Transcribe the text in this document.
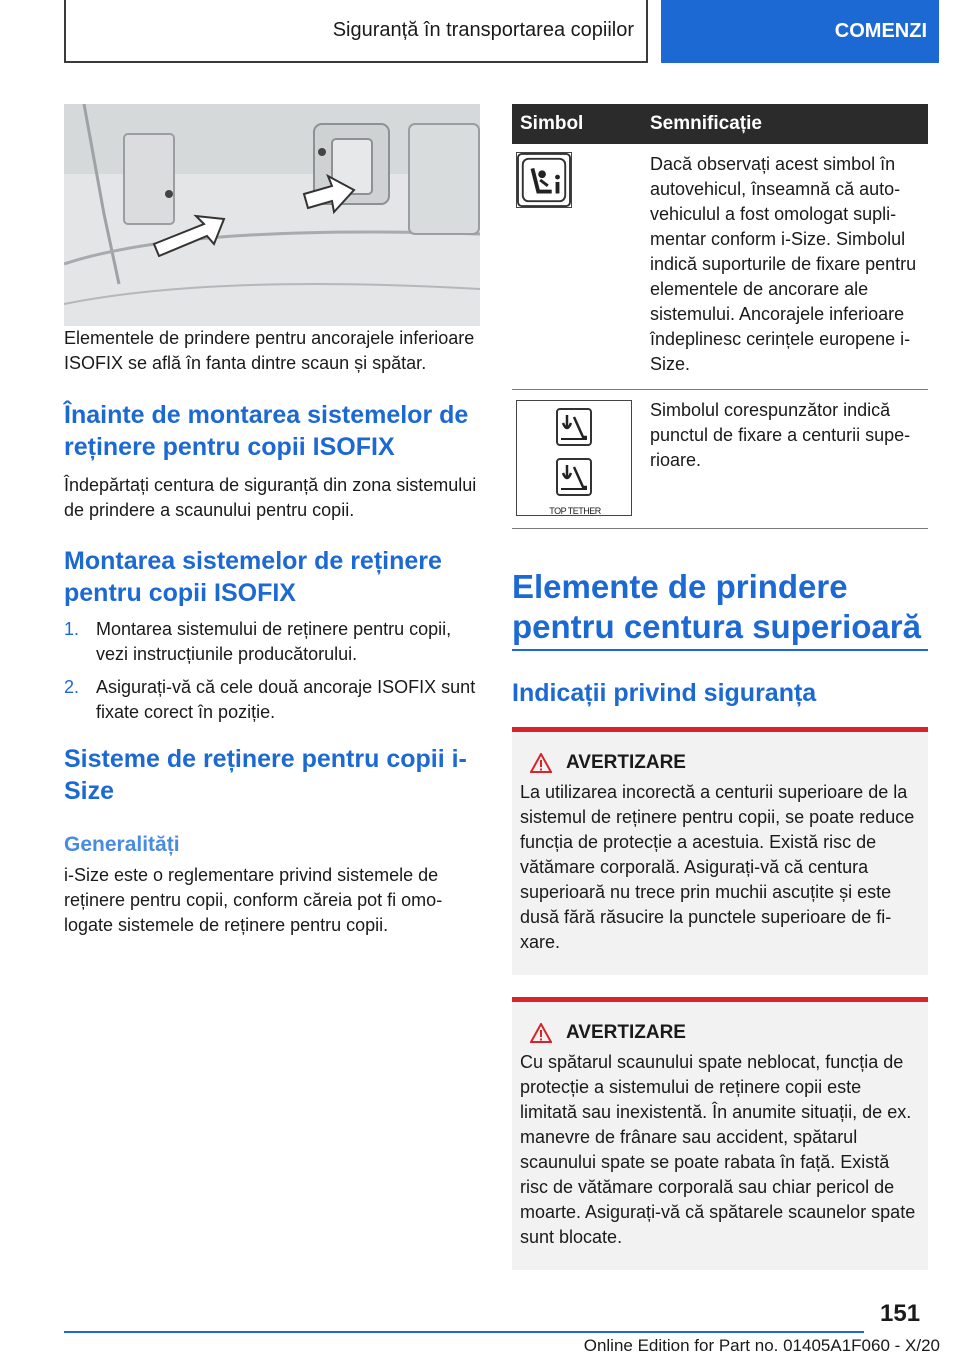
Siguranță în transportarea copiilor	COMENZI

Elementele de prindere pentru ancorajele inferioare ISOFIX se află în fanta dintre scaun și spătar.

Înainte de montarea sistemelor de reținere pentru copii ISOFIX

Îndepărtați centura de siguranță din zona sistemului de prindere a scaunului pentru copii.

Montarea sistemelor de reținere pentru copii ISOFIX
1. Montarea sistemului de reținere pentru copii, vezi instrucțiunile producătorului.
2. Asigurați-vă că cele două ancoraje ISOFIX sunt fixate corect în poziție.
Sisteme de reținere pentru copii i-Size
Generalități

i-Size este o reglementare privind sistemele de reținere pentru copii, conform căreia pot fi omologate sistemele de reținere pentru copii.

Simbol	Semnificație
	Dacă observați acest simbol în autovehicul, înseamnă că autovehiculul a fost omologat suplimentar conform i-Size. Simbolul indică suporturile de fixare pentru elementele de ancorare ale sistemului. Ancorajele inferioare îndeplinesc cerințele europene i-Size.

TOP TETHER	Simbolul corespunzător indică punctul de fixare a centurii superioare.
Elemente de prindere pentru centura superioară
Indicații privind siguranța
AVERTIZARE

La utilizarea incorectă a centurii superioare de la sistemul de reținere pentru copii, se poate reduce funcția de protecție a acestuia. Există risc de vătămare corporală. Asigurați-vă că centura superioară nu trece prin muchii ascuțite și este dusă fără răsucire la punctele superioare de fixare.

AVERTIZARE

Cu spătarul scaunului spate neblocat, funcția de protecție a sistemului de reținere copii este limitată sau inexistentă. În anumite situații, de ex. manevre de frânare sau accident, spătarul scaunului spate se poate rabata în față. Există risc de vătămare corporală sau chiar pericol de moarte. Asigurați-vă că spătarele scaunelor spate sunt blocate.

151
Online Edition for Part no. 01405A1F060 - X/20
